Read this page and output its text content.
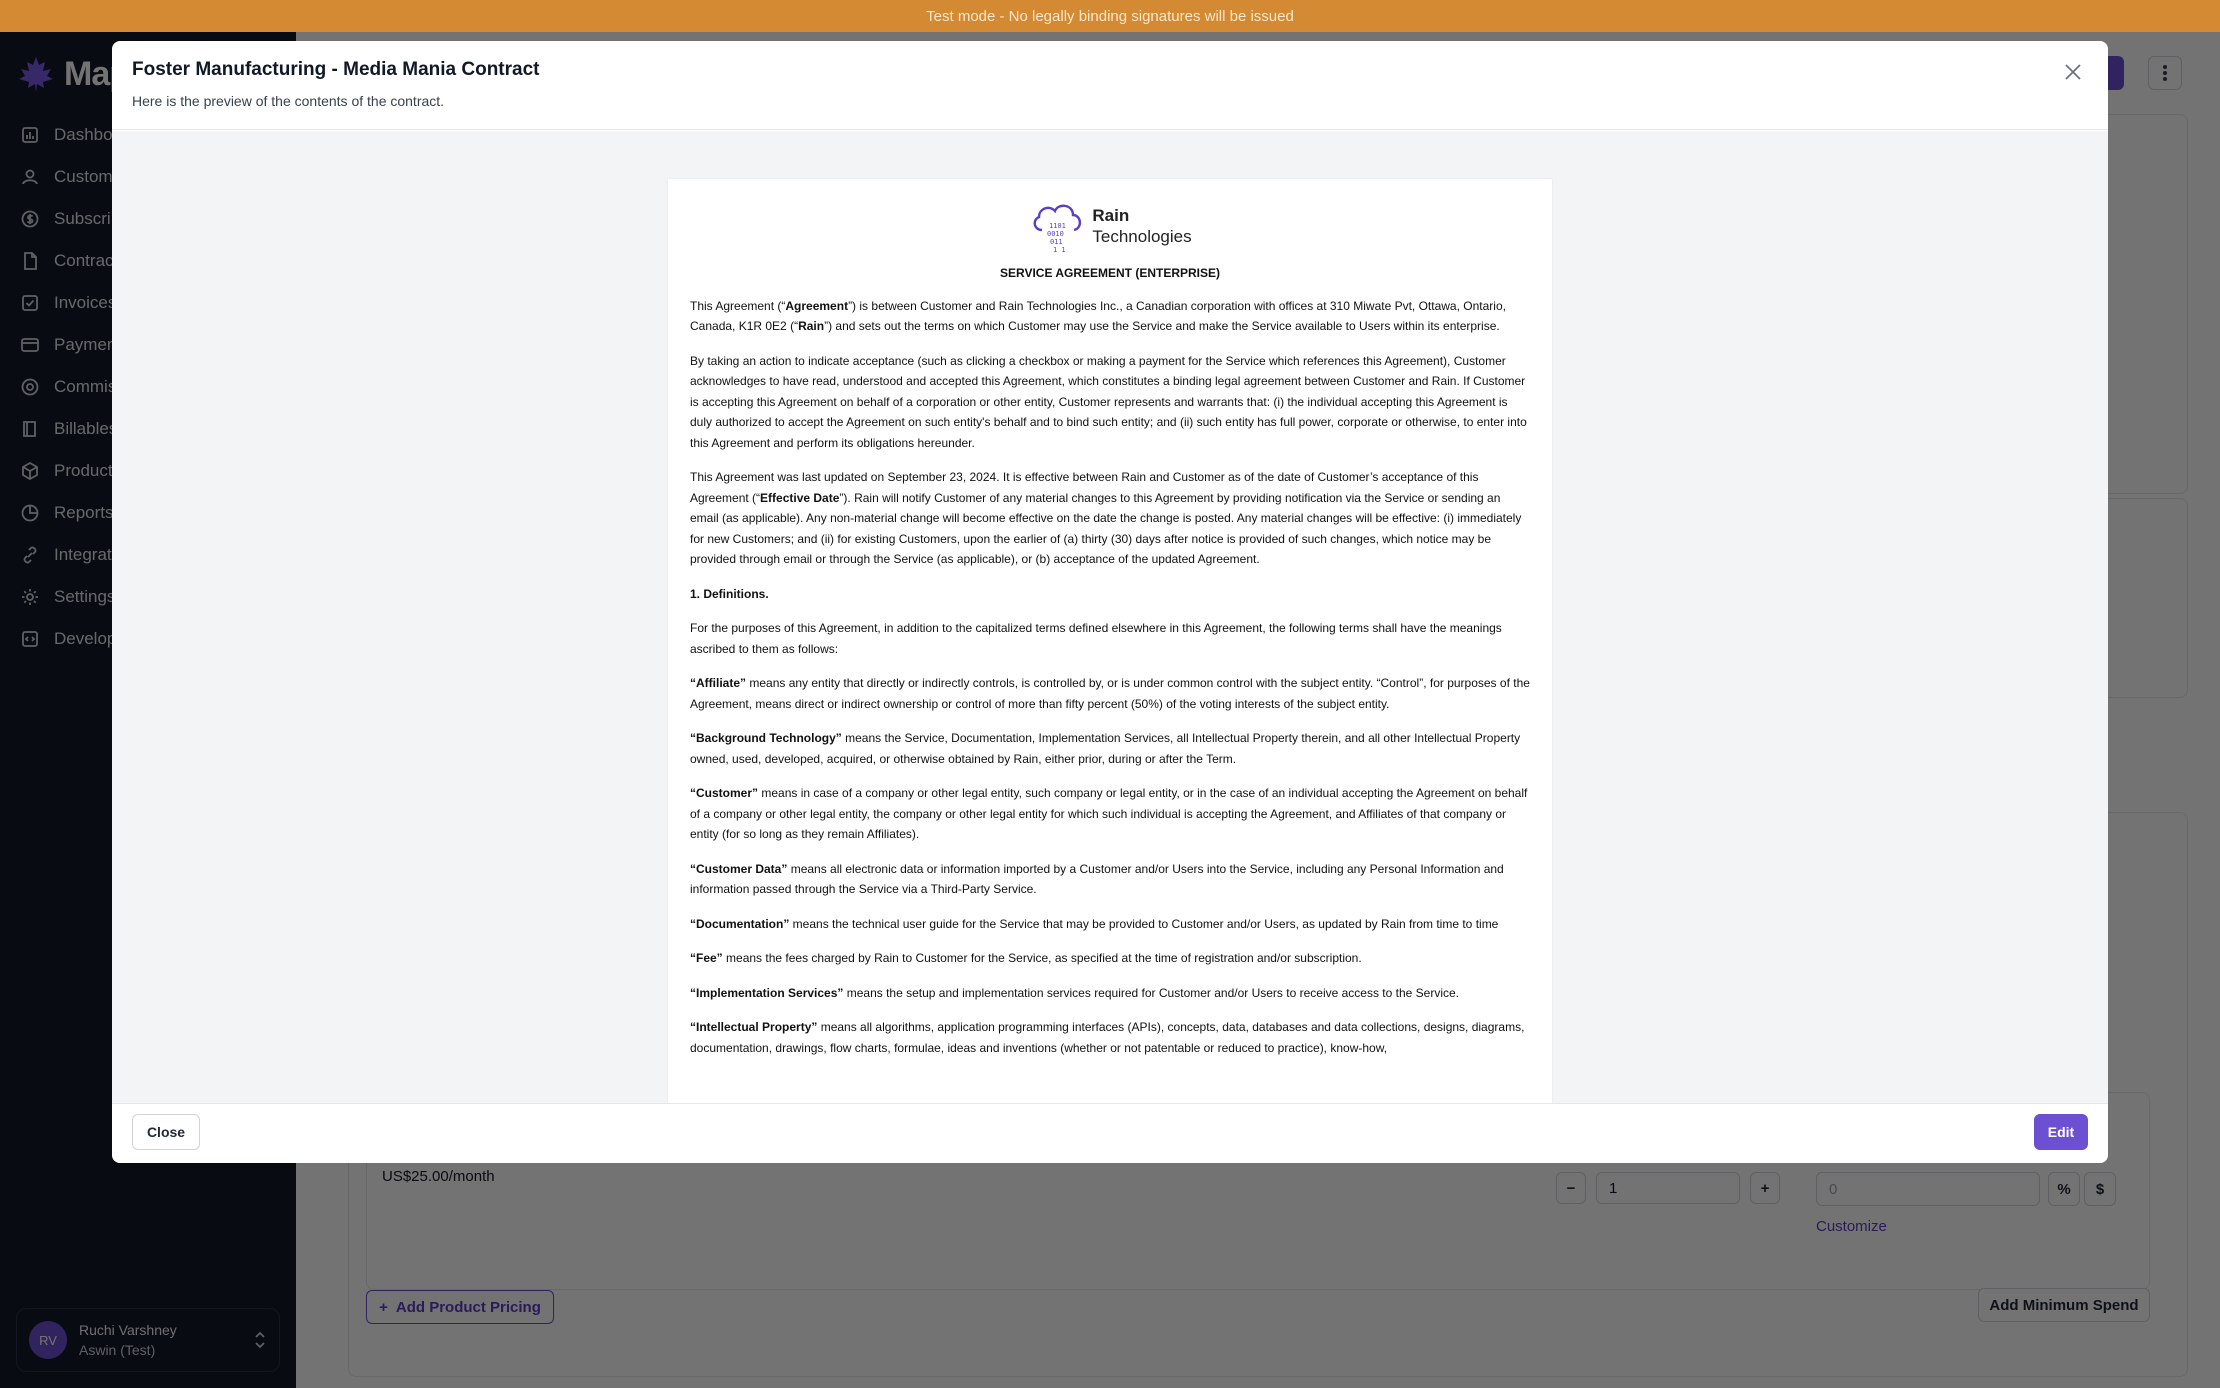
Test mode - No legally binding signatures will be issued
Foster Manufacturing - Media Mania Contract
Here is the preview of the contents of the contract.
1101
0010
011
1 1
Rain
Technologies
SERVICE AGREEMENT (ENTERPRISE)

This Agreement (“Agreement”) is between Customer and Rain Technologies Inc., a Canadian corporation with offices at 310 Miwate Pvt, Ottawa, Ontario, Canada, K1R 0E2 (“Rain”) and sets out the terms on which Customer may use the Service and make the Service available to Users within its enterprise.

By taking an action to indicate acceptance (such as clicking a checkbox or making a payment for the Service which references this Agreement), Customer acknowledges to have read, understood and accepted this Agreement, which constitutes a binding legal agreement between Customer and Rain. If Customer is accepting this Agreement on behalf of a corporation or other entity, Customer represents and warrants that: (i) the individual accepting this Agreement is duly authorized to accept the Agreement on such entity's behalf and to bind such entity; and (ii) such entity has full power, corporate or otherwise, to enter into this Agreement and perform its obligations hereunder.

This Agreement was last updated on September 23, 2024. It is effective between Rain and Customer as of the date of Customer’s acceptance of this Agreement (“Effective Date”). Rain will notify Customer of any material changes to this Agreement by providing notification via the Service or sending an email (as applicable). Any non-material change will become effective on the date the change is posted. Any material changes will be effective: (i) immediately for new Customers; and (ii) for existing Customers, upon the earlier of (a) thirty (30) days after notice is provided of such changes, which notice may be provided through email or through the Service (as applicable), or (b) acceptance of the updated Agreement.

1. Definitions.

For the purposes of this Agreement, in addition to the capitalized terms defined elsewhere in this Agreement, the following terms shall have the meanings ascribed to them as follows:

“Affiliate” means any entity that directly or indirectly controls, is controlled by, or is under common control with the subject entity. “Control”, for purposes of the Agreement, means direct or indirect ownership or control of more than fifty percent (50%) of the voting interests of the subject entity.

“Background Technology” means the Service, Documentation, Implementation Services, all Intellectual Property therein, and all other Intellectual Property owned, used, developed, acquired, or otherwise obtained by Rain, either prior, during or after the Term.

“Customer” means in case of a company or other legal entity, such company or legal entity, or in the case of an individual accepting the Agreement on behalf of a company or other legal entity, the company or other legal entity for which such individual is accepting the Agreement, and Affiliates of that company or entity (for so long as they remain Affiliates).

“Customer Data” means all electronic data or information imported by a Customer and/or Users into the Service, including any Personal Information and information passed through the Service via a Third-Party Service.

“Documentation” means the technical user guide for the Service that may be provided to Customer and/or Users, as updated by Rain from time to time

“Fee” means the fees charged by Rain to Customer for the Service, as specified at the time of registration and/or subscription.

“Implementation Services” means the setup and implementation services required for Customer and/or Users to receive access to the Service.

“Intellectual Property” means all algorithms, application programming interfaces (APIs), concepts, data, databases and data collections, designs, diagrams, documentation, drawings, flow charts, formulae, ideas and inventions (whether or not patentable or reduced to practice), know-how,

Close	Edit
